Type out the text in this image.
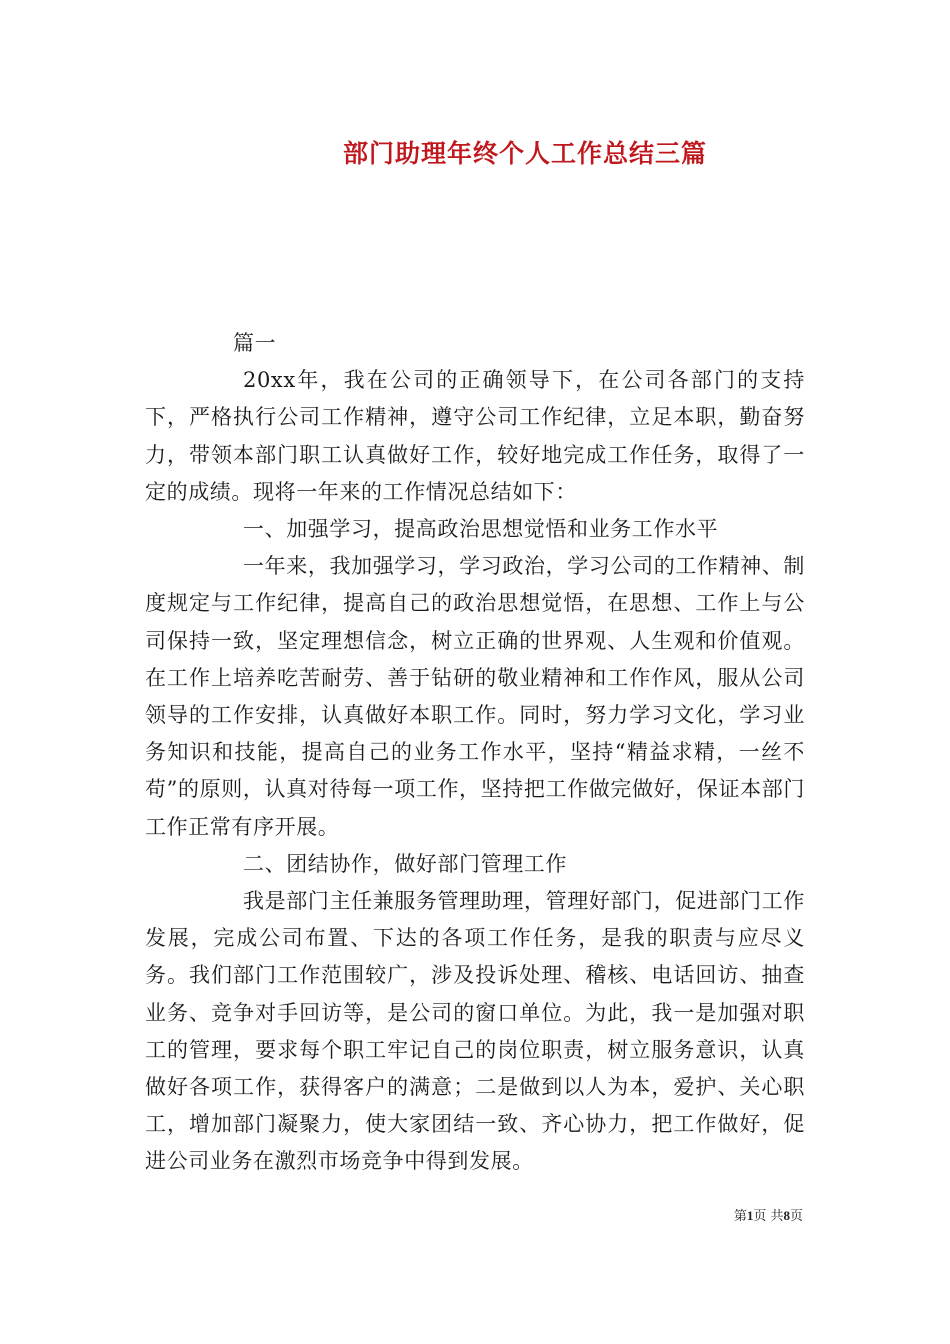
部门助理年终个人工作总结三篇

篇一

20xx年，我在公司的正确领导下，在公司各部门的支持下，严格执行公司工作精神，遵守公司工作纪律，立足本职，勤奋努力，带领本部门职工认真做好工作，较好地完成工作任务，取得了一定的成绩。现将一年来的工作情况总结如下：

一、加强学习，提高政治思想觉悟和业务工作水平

一年来，我加强学习，学习政治，学习公司的工作精神、制度规定与工作纪律，提高自己的政治思想觉悟，在思想、工作上与公司保持一致，坚定理想信念，树立正确的世界观、人生观和价值观。在工作上培养吃苦耐劳、善于钻研的敬业精神和工作作风，服从公司领导的工作安排，认真做好本职工作。同时，努力学习文化，学习业务知识和技能，提高自己的业务工作水平，坚持“精益求精，一丝不苟”的原则，认真对待每一项工作，坚持把工作做完做好，保证本部门工作正常有序开展。

二、团结协作，做好部门管理工作

我是部门主任兼服务管理助理，管理好部门，促进部门工作发展，完成公司布置、下达的各项工作任务，是我的职责与应尽义务。我们部门工作范围较广，涉及投诉处理、稽核、电话回访、抽查业务、竞争对手回访等，是公司的窗口单位。为此，我一是加强对职工的管理，要求每个职工牢记自己的岗位职责，树立服务意识，认真做好各项工作，获得客户的满意；二是做到以人为本，爱护、关心职工，增加部门凝聚力，使大家团结一致、齐心协力，把工作做好，促进公司业务在激烈市场竞争中得到发展。

第1页 共8页
